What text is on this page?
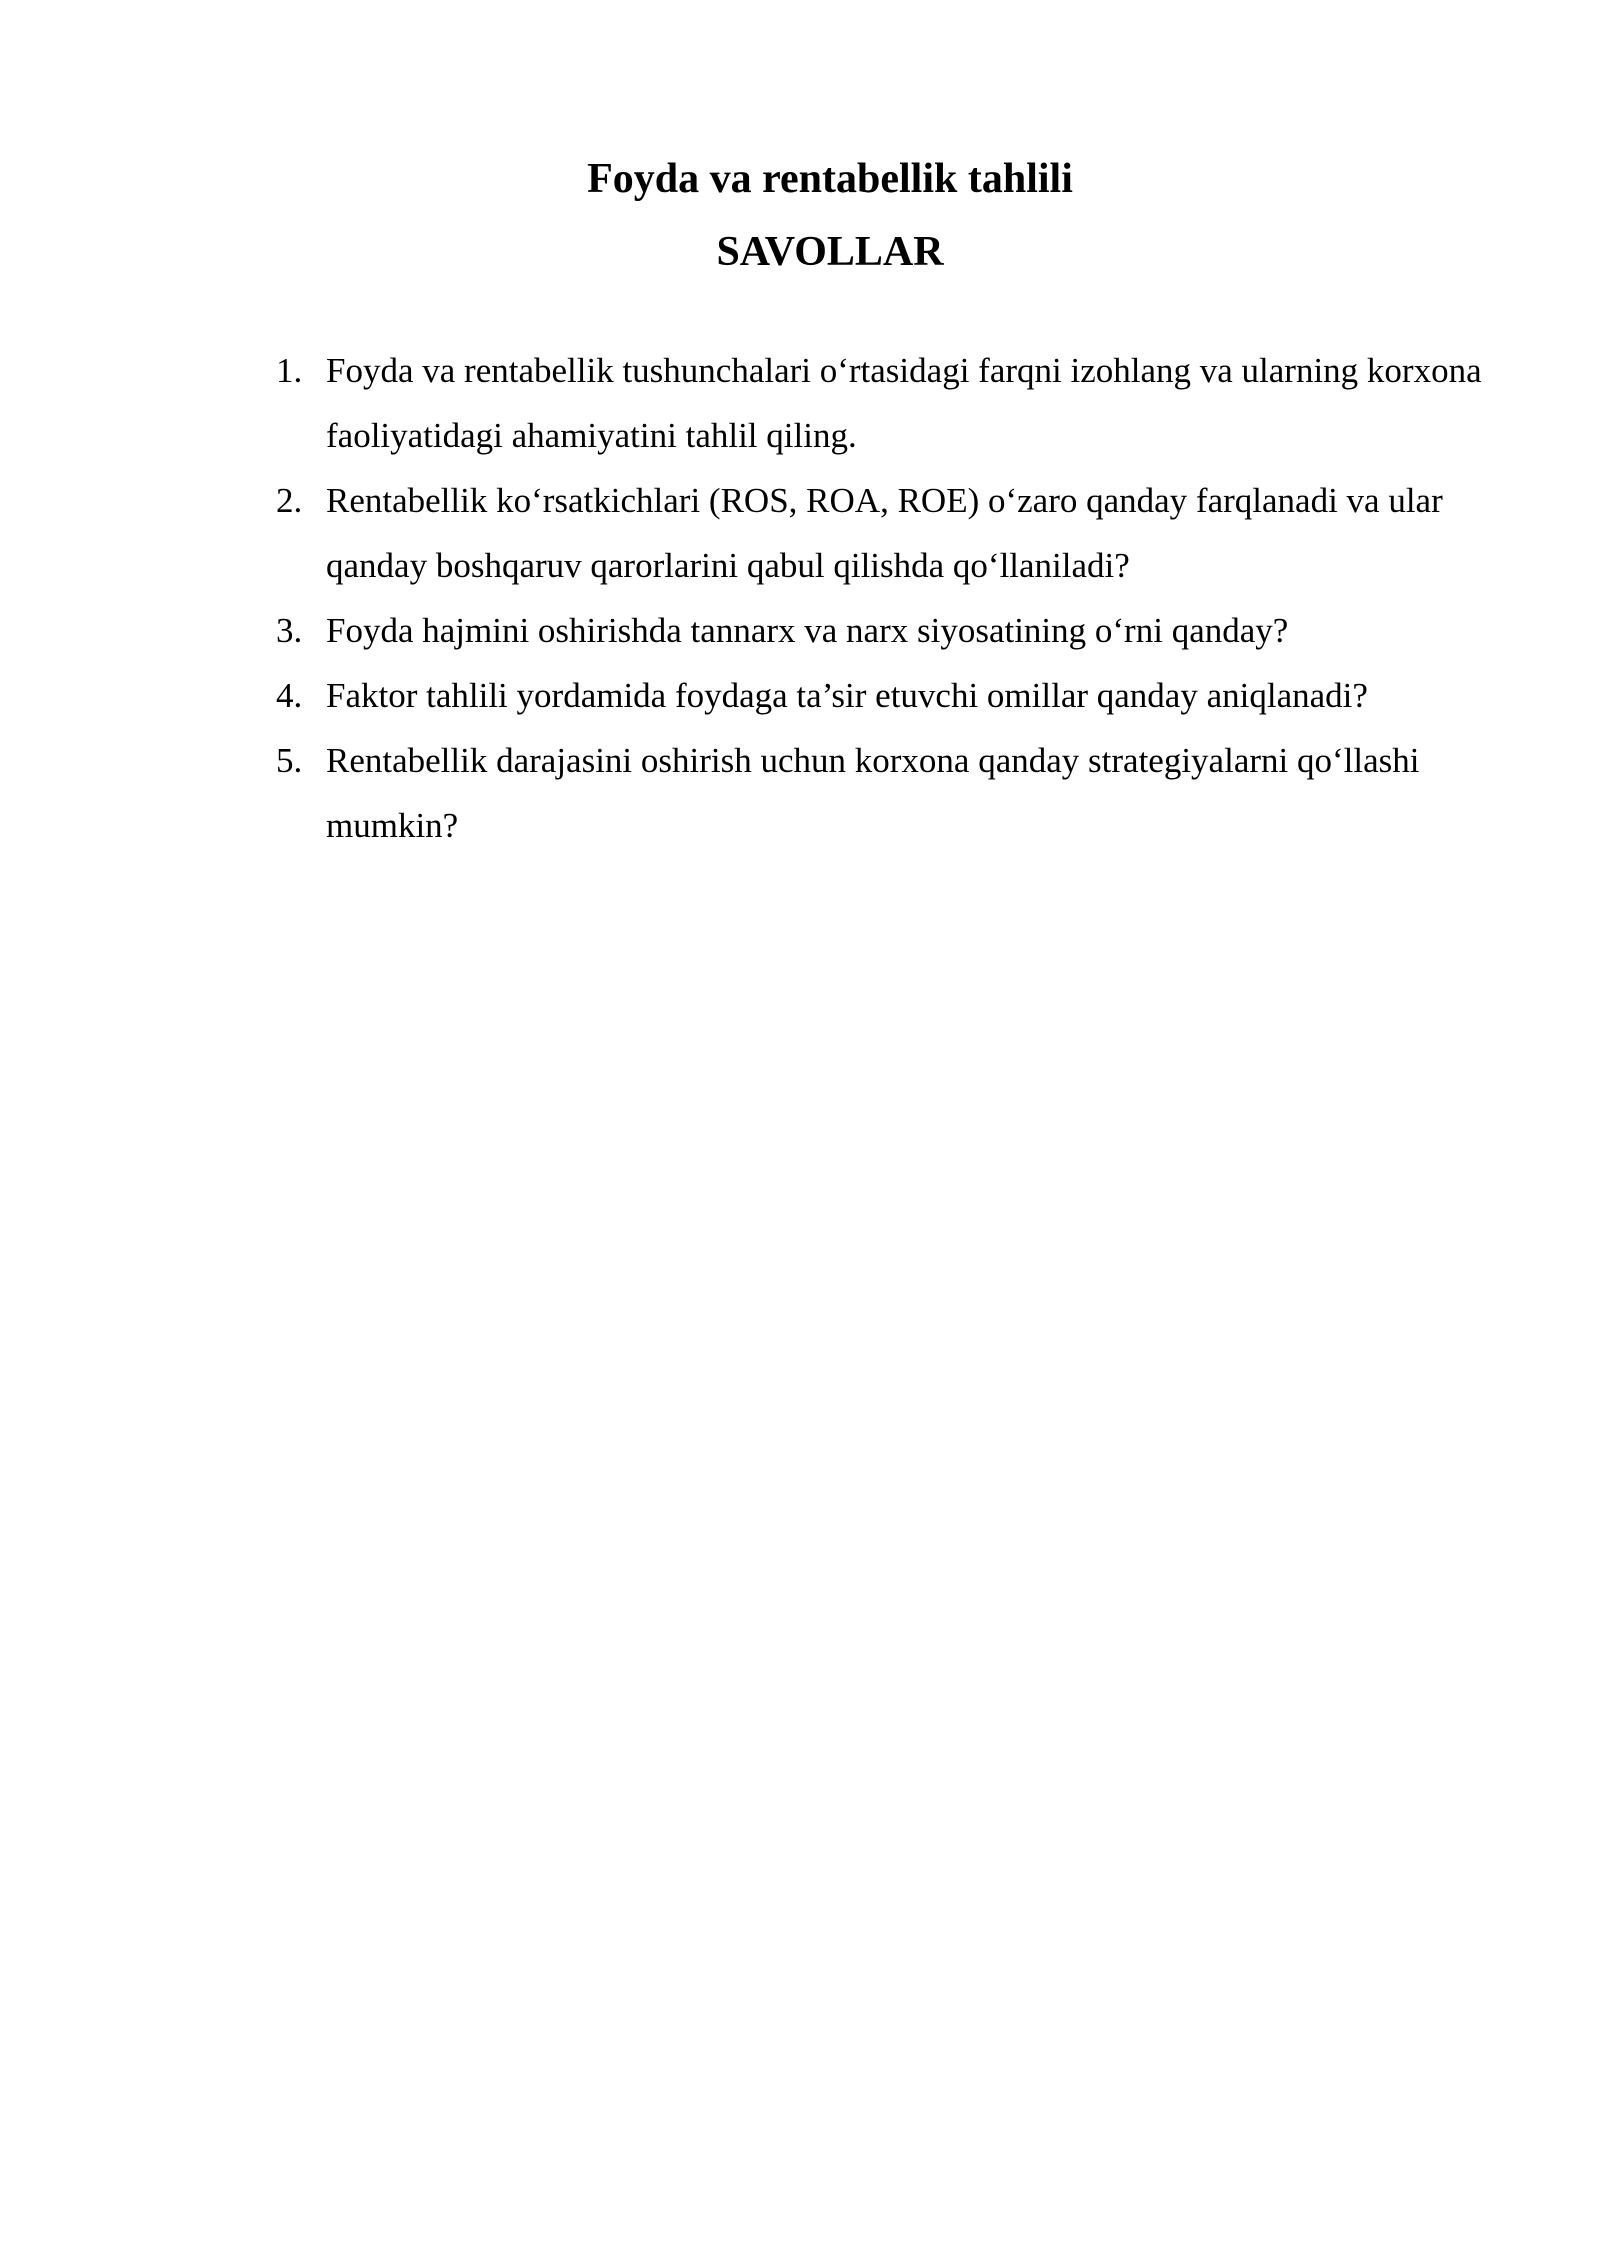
Foyda va rentabellik tahlili
SAVOLLAR
1. Foyda va rentabellik tushunchalari o‘rtasidagi farqni izohlang va ularning korxona faoliyatidagi ahamiyatini tahlil qiling.
2. Rentabellik ko‘rsatkichlari (ROS, ROA, ROE) o‘zaro qanday farqlanadi va ular qanday boshqaruv qarorlarini qabul qilishda qo‘llaniladi?
3. Foyda hajmini oshirishda tannarx va narx siyosatining o‘rni qanday?
4. Faktor tahlili yordamida foydaga ta’sir etuvchi omillar qanday aniqlanadi?
5. Rentabellik darajasini oshirish uchun korxona qanday strategiyalarni qo‘llashi mumkin?
